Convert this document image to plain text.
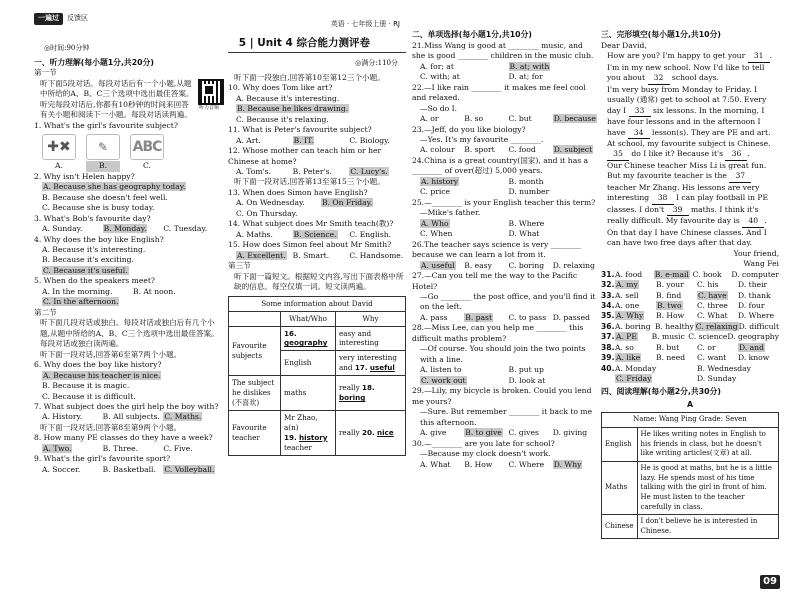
一遍过	反馈区
◎时间:90分钟
一、听力理解(每小题1分,共20分)
第一节
听下面5段对话。每段对话后有一个小题,从题中所给的A、B、C三个选项中选出最佳答案。听完每段对话后,你都有10秒钟的时间来回答有关小题和阅读下一小题。每段对话读两遍。
听力音频
1. What's the girl's favourite subject?
✚✖	✎	ABC
A.	B.	C.
2. Why isn't Helen happy?
A. Because she has geography today.
B. Because she doesn't feel well.
C. Because she is busy today.
3. What's Bob's favourite day?
A. Sunday.	B. Monday.	C. Tuesday.
4. Why does the boy like English?
A. Because it's interesting.
B. Because it's exciting.
C. Because it's useful.
5. When do the speakers meet?
A. In the morning.	B. At noon.
C. In the afternoon.
第二节
听下面几段对话或独白。每段对话或独白后有几个小题,从题中所给的A、B、C三个选项中选出最佳答案。每段对话或独白读两遍。
听下面一段对话,回答第6至第7两个小题。
6. Why does the boy like history?
A. Because his teacher is nice.
B. Because it is magic.
C. Because it is difficult.
7. What subject does the girl help the boy with?
A. History.	B. All subjects. C. Maths.
听下面一段对话,回答第8至第9两个小题。
8. How many PE classes do they have a week?
A. Two.	B. Three.	C. Five.
9. What's the girl's favourite sport?
A. Soccer.	B. Basketball.	C. Volleyball.
英语 · 七年级上册 · RJ
5 | Unit 4 综合能力测评卷
◎满分:110分
听下面一段独白,回答第10至第12三个小题。
10. Why does Tom like art?
A. Because it's interesting.
B. Because he likes drawing.
C. Because it's relaxing.
11. What is Peter's favourite subject?
A. Art.	B. IT.	C. Biology.
12. Whose mother can teach him or her Chinese at home?
A. Tom's.	B. Peter's.	C. Lucy's.
听下面一段对话,回答第13至第15三个小题。
13. When does Simon have English?
A. On Wednesday.	B. On Friday.
C. On Thursday.
14. What subject does Mr Smith teach(教)?
A. Maths.	B. Science.	C. English.
15. How does Simon feel about Mr Smith?
A. Excellent. B. Smart.	C. Handsome.
第三节
听下面一篇短文。根据短文内容,写出下面表格中所缺的信息。每空仅填一词。短文读两遍。
Some information about David		
	What/Who	Why
Favourite subjects	16. geography	easy and interesting
	English	very interesting and 17. useful
The subject he dislikes (不喜欢)	maths	really 18. boring
Favourite teacher	Mr Zhao, a(n)
19. history
teacher	really 20. nice
二、单项选择(每小题1分,共10分)
21.Miss Wang is good at ________ music, and she is good ________ children in the music club.
A. for; at	B. at; with
C. with; at	D. at; for
22.—I like rain ________ it makes me feel cool and relaxed.
—So do I.
A. or	B. so	C. but	D. because
23.—Jeff, do you like biology?
—Yes. It's my favourite ________.
A. colour	B. sport	C. food	D. subject
24.China is a great country(国家), and it has a ________ of over(超过) 5,000 years.
A. history	B. month
C. price	D. number
25.—________ is your English teacher this term?
—Mike's father.
A. Who	B. Where
C. When	D. What
26.The teacher says science is very ________ because we can learn a lot from it.
A. useful	B. easy	C. boring	D. relaxing
27.—Can you tell me the way to the Pacific Hotel?
—Go ________ the post office, and you'll find it on the left.
A. pass	B. past	C. to pass D. passed
28.—Miss Lee, can you help me ________ this difficult maths problem?
—Of course. You should join the two points with a line.
A. listen to	B. put up
C. work out	D. look at
29.—Lily, my bicycle is broken. Could you lend me yours?
—Sure. But remember ________ it back to me this afternoon.
A. give	B. to give C. gives	D. giving
30.—________ are you late for school?
—Because my clock doesn't work.
A. What	B. How	C. Where	D. Why
三、完形填空(每小题1分,共10分)
Dear David,
How are you? I'm happy to get your 31 . I'm in my new school. Now I'd like to tell you about 32 school days.
I'm very busy from Monday to Friday. I usually (通常) get to school at 7:50. Every day I 33 six lessons. In the morning, I have four lessons and in the afternoon I have 34 lesson(s). They are PE and art. At school, my favourite subject is Chinese. 35 do I like it? Because it's 36 .
Our Chinese teacher Miss Li is great fun. But my favourite teacher is the 37 teacher Mr Zhang. His lessons are very interesting 38 I can play football in PE classes. I don't 39 maths. I think it's really difficult. My favourite day is 40 . On that day I have Chinese classes. And I can have two free days after that day.
Your friend,
Wang Fei
31. A. food	B. e-mail C. book	D. computer
32. A. my	B. your	C. his	D. their
33. A. sell	B. find	C. have	D. thank
34. A. one	B. two	C. three	D. four
35. A. Why	B. How	C. What	D. Where
36. A. boring B. healthy C. relaxing D. difficult
37. A. PE	B. music C. science D. geography
38. A. so	B. but	C. or	D. and
39. A. like	B. need	C. want	D. know
40. A. Monday	B. Wednesday
C. Friday	D. Sunday
四、阅读理解(每小题2分,共30分)
A
Name: Wang Ping Grade: Seven	
English	He likes writing notes in English to his friends in class, but he doesn't like writing articles(文章) at all.
Maths	He is good at maths, but he is a little lazy. He spends most of his time talking with the girl in front of him. He must listen to the teacher carefully in class.
Chinese	I don't believe he is interested in Chinese.
09
